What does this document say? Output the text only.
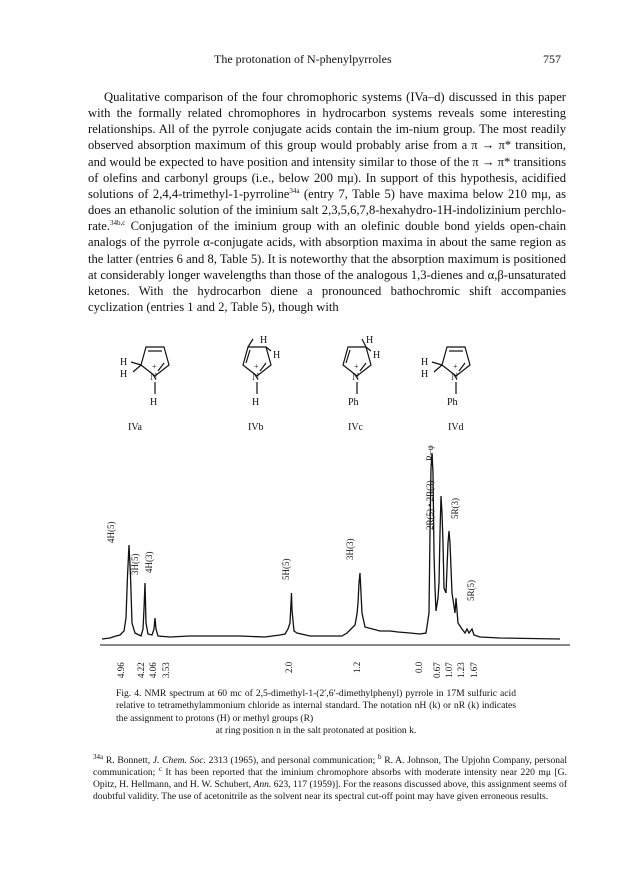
The protonation of N-phenylpyrroles	757

Qualitative comparison of the four chromophoric systems (IVa–d) discussed in this paper with the formally related chromophores in hydrocarbon systems reveals some interesting relationships. All of the pyrrole conjugate acids contain the im-nium group. The most readily observed absorption maximum of this group would probably arise from a π → π* transition, and would be expected to have position and intensity similar to those of the π → π* transitions of olefins and carbonyl groups (i.e., below 200 mμ). In support of this hypothesis, acidified solutions of 2,4,4-trimethyl-1-pyrroline$^{34a}$ (entry 7, Table 5) have maxima below 210 mμ, as does an ethanolic solution of the iminium salt 2,3,5,6,7,8-hexahydro-1H-indolizinium perchlo-rate.$^{34b,c}$ Conjugation of the iminium group with an olefinic double bond yields open-chain analogs of the pyrrole α-conjugate acids, with absorption maxima in about the same region as the latter (entries 6 and 8, Table 5). It is noteworthy that the absorption maximum is positioned at considerably longer wavelengths than those of the analogous 1,3-dienes and α,β-unsaturated ketones. With the hydrocarbon diene a pronounced bathochromic shift accompanies cyclization (entries 1 and 2, Table 5), though with

H
H N
+
H
N
+
H
H
H
N
+
Ph
H
H
H
H N
+
Ph
IVa	IVb	IVc	IVd
4H(5)
3H(5) 4H(3)	5H(5)
3H(3)
2R(5) • 2R(3)
R–φ
5R(3)
5R(5)
4.96 4.22 4.06 3.53	2.0	1.2	0.0 0.67 1.07 1.23 1.67
Fig. 4. NMR spectrum at 60 mc of 2,5-dimethyl-1-(2′,6′-dimethylphenyl) pyrrole in 17M sulfuric acid relative to tetramethylammonium chloride as internal standard. The notation nH (k) or nR (k) indicates the assignment to protons (H) or methyl groups (R)
at ring position n in the salt protonated at position k.

$^{34a}$ R. Bonnett, J. Chem. Soc. 2313 (1965), and personal communication; $^b$ R. A. Johnson, The Upjohn Company, personal communication; $^c$ It has been reported that the iminium chromophore absorbs with moderate intensity near 220 mμ [G. Opitz, H. Hellmann, and H. W. Schubert, Ann. 623, 117 (1959)]. For the reasons discussed above, this assignment seems of doubtful validity. The use of acetonitrile as the solvent near its spectral cut-off point may have given erroneous results.
